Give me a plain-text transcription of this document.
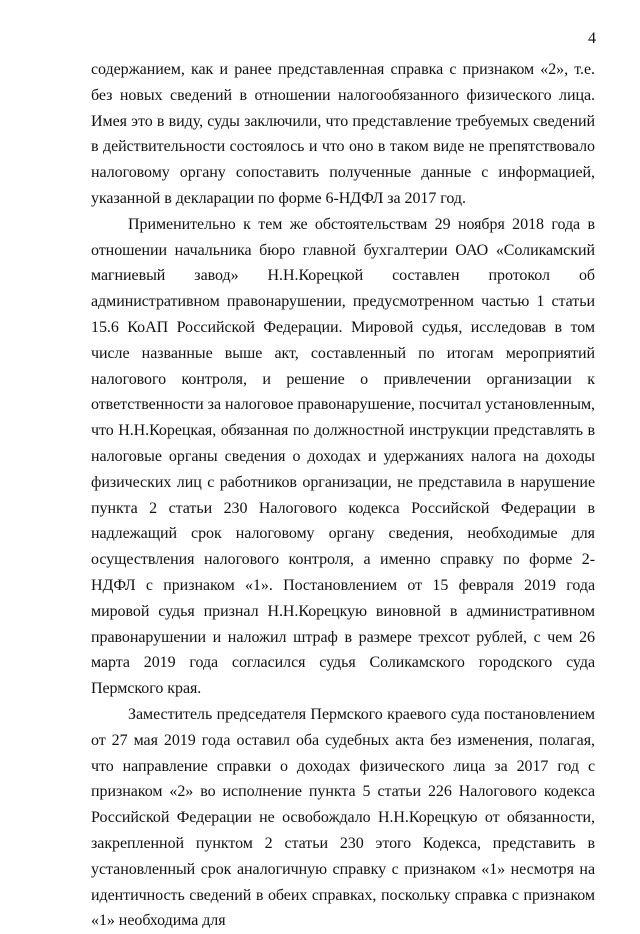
4

содержанием, как и ранее представленная справка с признаком «2», т.е. без новых сведений в отношении налогообязанного физического лица. Имея это в виду, суды заключили, что представление требуемых сведений в действительности состоялось и что оно в таком виде не препятствовало налоговому органу сопоставить полученные данные с информацией, указанной в декларации по форме 6-НДФЛ за 2017 год.

Применительно к тем же обстоятельствам 29 ноября 2018 года в отношении начальника бюро главной бухгалтерии ОАО «Соликамский магниевый завод» Н.Н.Корецкой составлен протокол об административном правонарушении, предусмотренном частью 1 статьи 15.6 КоАП Российской Федерации. Мировой судья, исследовав в том числе названные выше акт, составленный по итогам мероприятий налогового контроля, и решение о привлечении организации к ответственности за налоговое правонарушение, посчитал установленным, что Н.Н.Корецкая, обязанная по должностной инструкции представлять в налоговые органы сведения о доходах и удержаниях налога на доходы физических лиц с работников организации, не представила в нарушение пункта 2 статьи 230 Налогового кодекса Российской Федерации в надлежащий срок налоговому органу сведения, необходимые для осуществления налогового контроля, а именно справку по форме 2-НДФЛ с признаком «1». Постановлением от 15 февраля 2019 года мировой судья признал Н.Н.Корецкую виновной в административном правонарушении и наложил штраф в размере трехсот рублей, с чем 26 марта 2019 года согласился судья Соликамского городского суда Пермского края.

Заместитель председателя Пермского краевого суда постановлением от 27 мая 2019 года оставил оба судебных акта без изменения, полагая, что направление справки о доходах физического лица за 2017 год с признаком «2» во исполнение пункта 5 статьи 226 Налогового кодекса Российской Федерации не освобождало Н.Н.Корецкую от обязанности, закрепленной пунктом 2 статьи 230 этого Кодекса, представить в установленный срок аналогичную справку с признаком «1» несмотря на идентичность сведений в обеих справках, поскольку справка с признаком «1» необходима для
